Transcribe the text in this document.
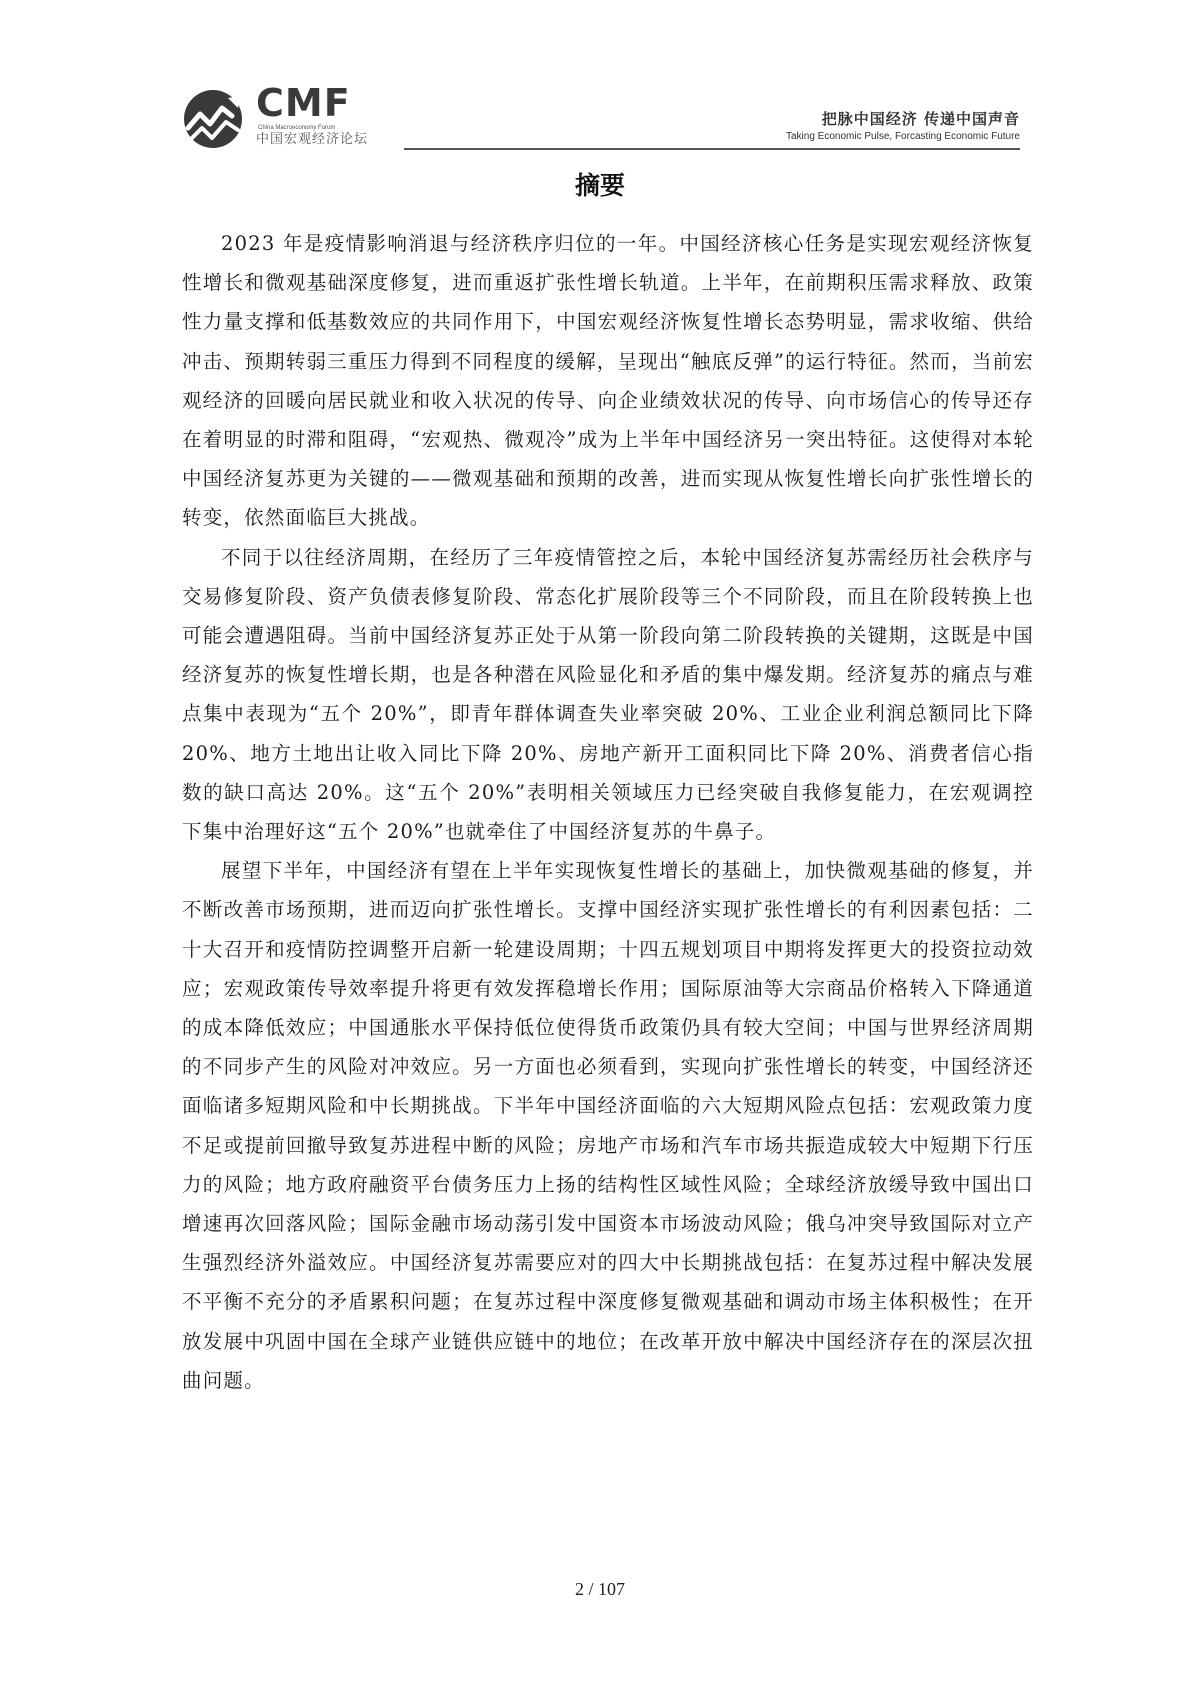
CMF
China Macroeconomy Forum
中国宏观经济论坛
把脉中国经济 传递中国声音
Taking Economic Pulse, Forcasting Economic Future
摘要

2023 年是疫情影响消退与经济秩序归位的一年。中国经济核心任务是实现宏观经济恢复性增长和微观基础深度修复，进而重返扩张性增长轨道。上半年，在前期积压需求释放、政策性力量支撑和低基数效应的共同作用下，中国宏观经济恢复性增长态势明显，需求收缩、供给冲击、预期转弱三重压力得到不同程度的缓解，呈现出“触底反弹”的运行特征。然而，当前宏观经济的回暖向居民就业和收入状况的传导、向企业绩效状况的传导、向市场信心的传导还存在着明显的时滞和阻碍，“宏观热、微观冷”成为上半年中国经济另一突出特征。这使得对本轮中国经济复苏更为关键的——微观基础和预期的改善，进而实现从恢复性增长向扩张性增长的转变，依然面临巨大挑战。

不同于以往经济周期，在经历了三年疫情管控之后，本轮中国经济复苏需经历社会秩序与交易修复阶段、资产负债表修复阶段、常态化扩展阶段等三个不同阶段，而且在阶段转换上也可能会遭遇阻碍。当前中国经济复苏正处于从第一阶段向第二阶段转换的关键期，这既是中国经济复苏的恢复性增长期，也是各种潜在风险显化和矛盾的集中爆发期。经济复苏的痛点与难点集中表现为“五个 20%”，即青年群体调查失业率突破 20%、工业企业利润总额同比下降 20%、地方土地出让收入同比下降 20%、房地产新开工面积同比下降 20%、消费者信心指数的缺口高达 20%。这“五个 20%”表明相关领域压力已经突破自我修复能力，在宏观调控下集中治理好这“五个 20%”也就牵住了中国经济复苏的牛鼻子。

展望下半年，中国经济有望在上半年实现恢复性增长的基础上，加快微观基础的修复，并不断改善市场预期，进而迈向扩张性增长。支撑中国经济实现扩张性增长的有利因素包括：二十大召开和疫情防控调整开启新一轮建设周期；十四五规划项目中期将发挥更大的投资拉动效应；宏观政策传导效率提升将更有效发挥稳增长作用；国际原油等大宗商品价格转入下降通道的成本降低效应；中国通胀水平保持低位使得货币政策仍具有较大空间；中国与世界经济周期的不同步产生的风险对冲效应。另一方面也必须看到，实现向扩张性增长的转变，中国经济还面临诸多短期风险和中长期挑战。下半年中国经济面临的六大短期风险点包括：宏观政策力度不足或提前回撤导致复苏进程中断的风险；房地产市场和汽车市场共振造成较大中短期下行压力的风险；地方政府融资平台债务压力上扬的结构性区域性风险；全球经济放缓导致中国出口增速再次回落风险；国际金融市场动荡引发中国资本市场波动风险；俄乌冲突导致国际对立产生强烈经济外溢效应。中国经济复苏需要应对的四大中长期挑战包括：在复苏过程中解决发展不平衡不充分的矛盾累积问题；在复苏过程中深度修复微观基础和调动市场主体积极性；在开放发展中巩固中国在全球产业链供应链中的地位；在改革开放中解决中国经济存在的深层次扭曲问题。

2 / 107
